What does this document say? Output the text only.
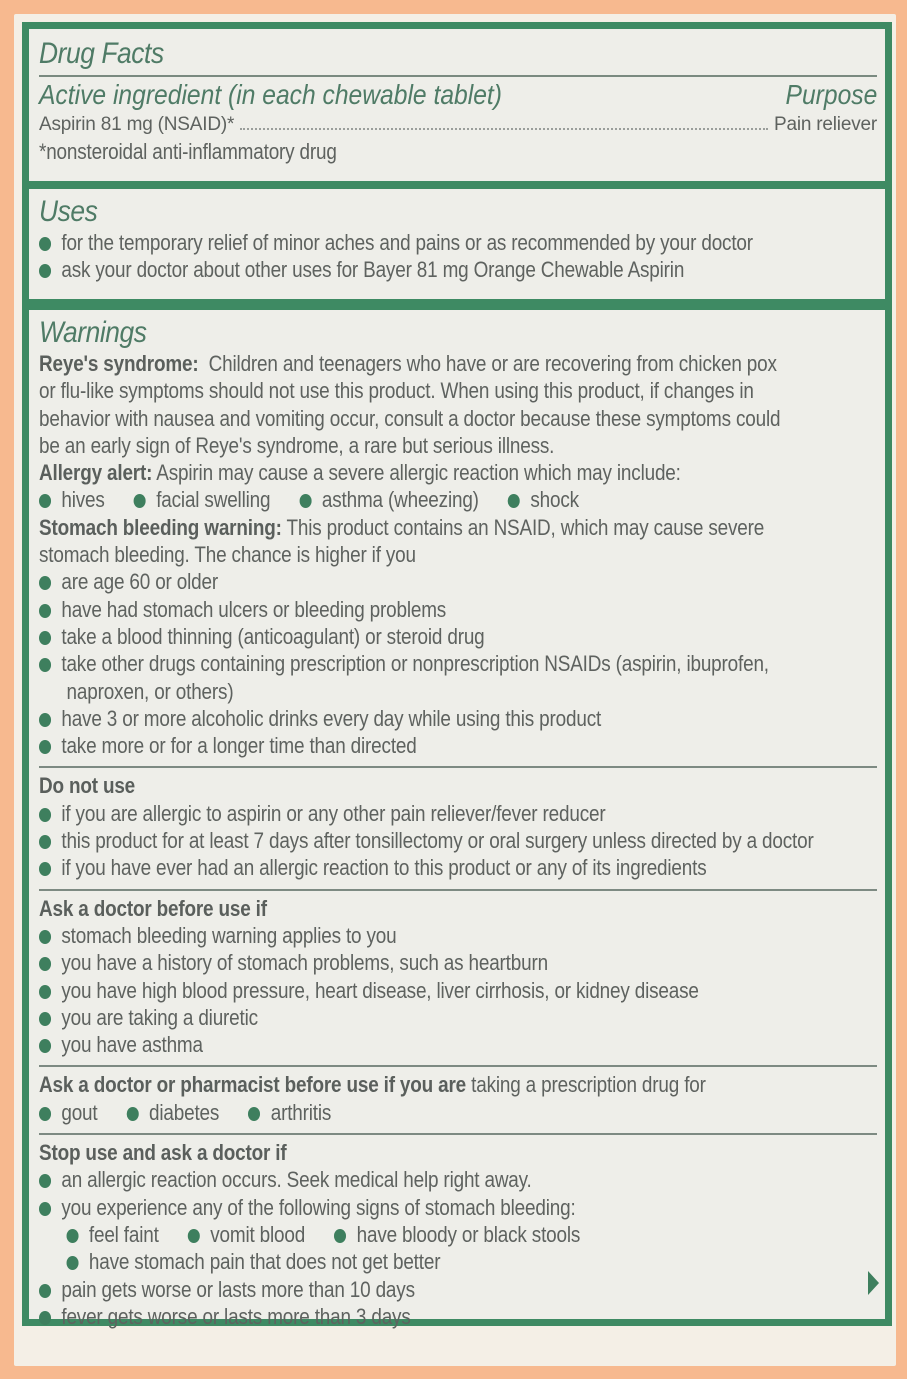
Drug Facts
Active ingredient (in each chewable tablet)	Purpose
Aspirin 81 mg (NSAID)*	Pain reliever
*nonsteroidal anti-inflammatory drug
Uses
for the temporary relief of minor aches and pains or as recommended by your doctor
ask your doctor about other uses for Bayer 81 mg Orange Chewable Aspirin
Warnings
Reye's syndrome: Children and teenagers who have or are recovering from chicken pox
or flu-like symptoms should not use this product. When using this product, if changes in
behavior with nausea and vomiting occur, consult a doctor because these symptoms could
be an early sign of Reye's syndrome, a rare but serious illness.
Allergy alert: Aspirin may cause a severe allergic reaction which may include:
hives facial swelling asthma (wheezing) shock
Stomach bleeding warning: This product contains an NSAID, which may cause severe
stomach bleeding. The chance is higher if you
are age 60 or older
have had stomach ulcers or bleeding problems
take a blood thinning (anticoagulant) or steroid drug
take other drugs containing prescription or nonprescription NSAIDs (aspirin, ibuprofen,
naproxen, or others)
have 3 or more alcoholic drinks every day while using this product
take more or for a longer time than directed
Do not use
if you are allergic to aspirin or any other pain reliever/fever reducer
this product for at least 7 days after tonsillectomy or oral surgery unless directed by a doctor
if you have ever had an allergic reaction to this product or any of its ingredients
Ask a doctor before use if
stomach bleeding warning applies to you
you have a history of stomach problems, such as heartburn
you have high blood pressure, heart disease, liver cirrhosis, or kidney disease
you are taking a diuretic
you have asthma
Ask a doctor or pharmacist before use if you are taking a prescription drug for
gout diabetes arthritis
Stop use and ask a doctor if
an allergic reaction occurs. Seek medical help right away.
you experience any of the following signs of stomach bleeding:
feel faint vomit blood have bloody or black stools
have stomach pain that does not get better
pain gets worse or lasts more than 10 days
fever gets worse or lasts more than 3 days
